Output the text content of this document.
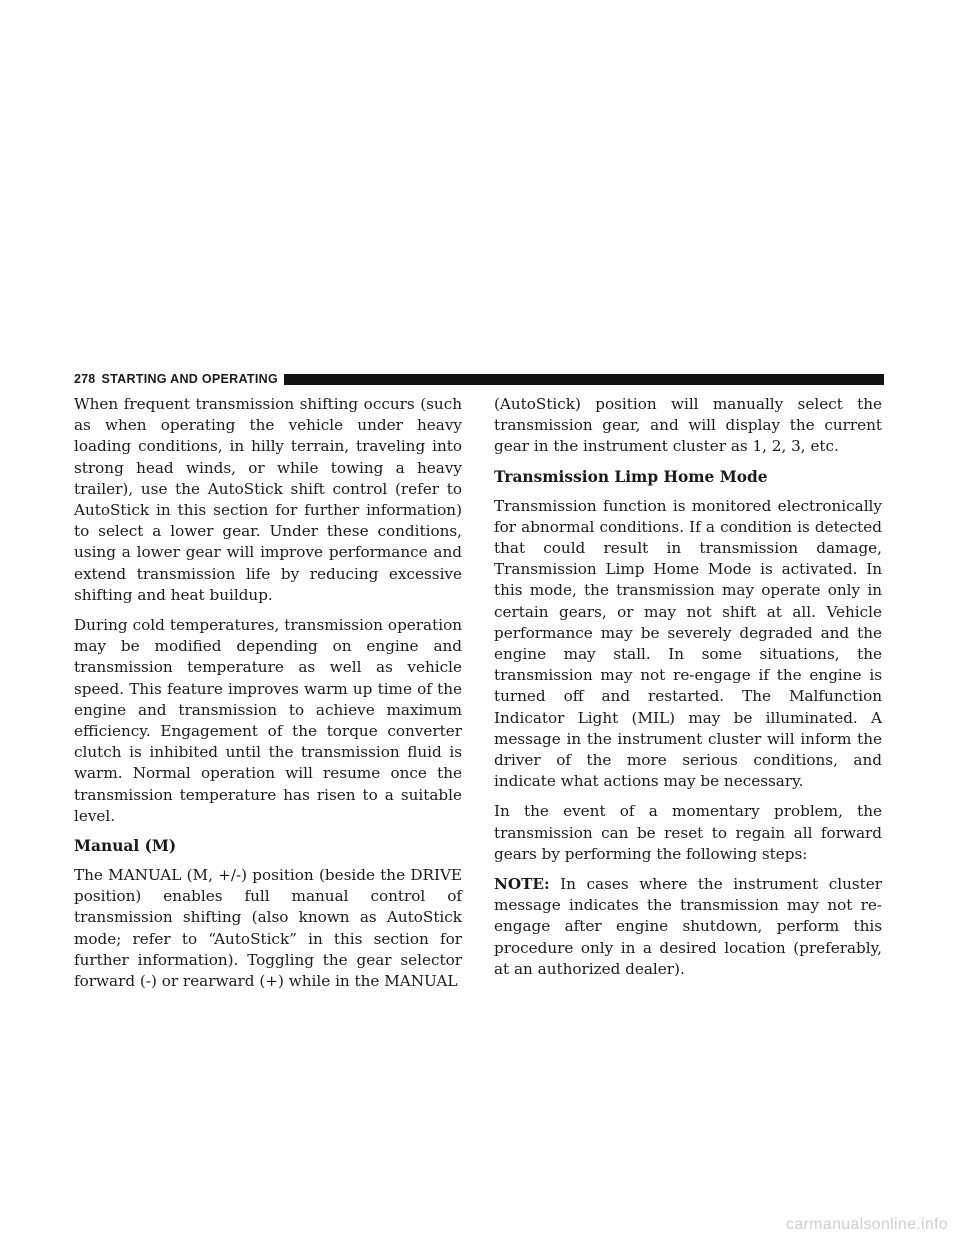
278 STARTING AND OPERATING

When frequent transmission shifting occurs (such as when operating the vehicle under heavy loading conditions, in hilly terrain, traveling into strong head winds, or while towing a heavy trailer), use the AutoStick shift control (refer to AutoStick in this section for further information) to select a lower gear. Under these conditions, using a lower gear will improve performance and extend transmission life by reducing excessive shifting and heat buildup.

During cold temperatures, transmission operation may be modified depending on engine and transmission temperature as well as vehicle speed. This feature improves warm up time of the engine and transmission to achieve maximum efficiency. Engagement of the torque converter clutch is inhibited until the transmission fluid is warm. Normal operation will resume once the transmission temperature has risen to a suitable level.

Manual (M)

The MANUAL (M, +/-) position (beside the DRIVE position) enables full manual control of transmission shifting (also known as AutoStick mode; refer to “AutoStick” in this section for further information). Toggling the gear selector forward (-) or rearward (+) while in the MANUAL

(AutoStick) position will manually select the transmission gear, and will display the current gear in the instrument cluster as 1, 2, 3, etc.

Transmission Limp Home Mode

Transmission function is monitored electronically for abnormal conditions. If a condition is detected that could result in transmission damage, Transmission Limp Home Mode is activated. In this mode, the transmission may operate only in certain gears, or may not shift at all. Vehicle performance may be severely degraded and the engine may stall. In some situations, the transmission may not re-engage if the engine is turned off and restarted. The Malfunction Indicator Light (MIL) may be illuminated. A message in the instrument cluster will inform the driver of the more serious conditions, and indicate what actions may be necessary.

In the event of a momentary problem, the transmission can be reset to regain all forward gears by performing the following steps:

NOTE: In cases where the instrument cluster message indicates the transmission may not re-engage after engine shutdown, perform this procedure only in a desired location (preferably, at an authorized dealer).

carmanualsonline.info
